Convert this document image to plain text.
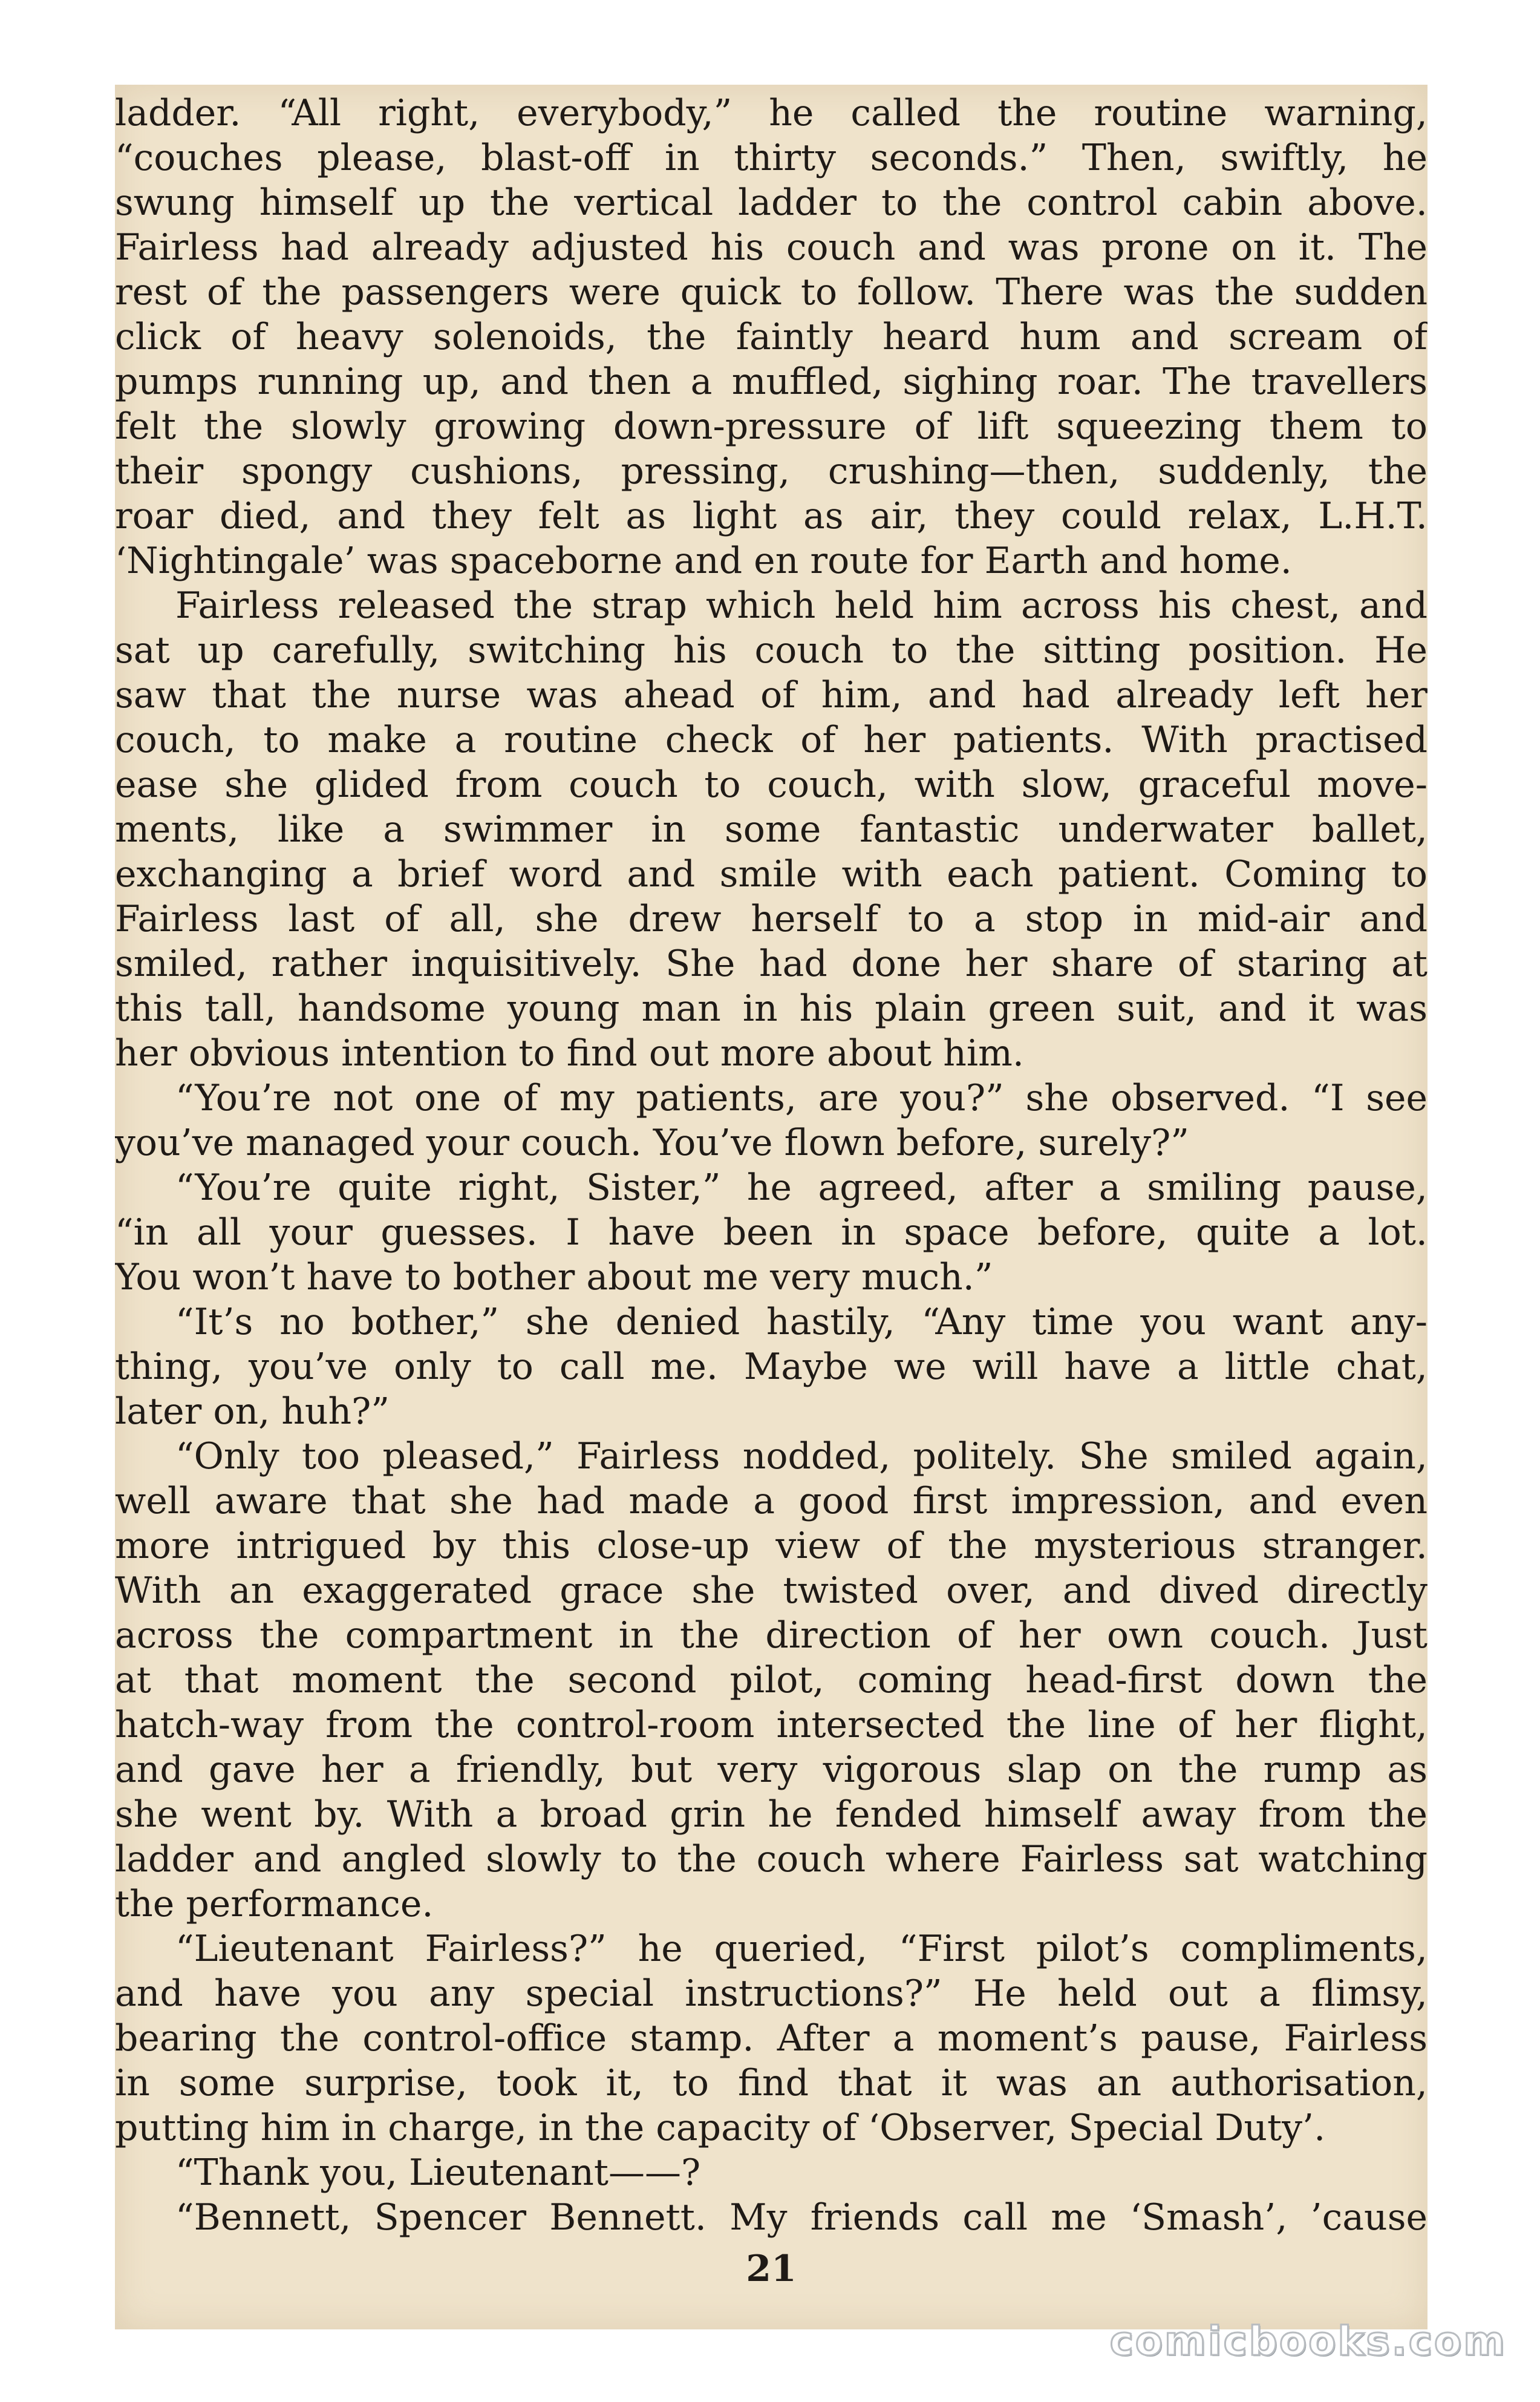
ladder. “All right, everybody,” he called the routine warning,

“couches please, blast-off in thirty seconds.” Then, swiftly, he

swung himself up the vertical ladder to the control cabin above.

Fairless had already adjusted his couch and was prone on it. The

rest of the passengers were quick to follow. There was the sudden

click of heavy solenoids, the faintly heard hum and scream of

pumps running up, and then a muffled, sighing roar. The travellers

felt the slowly growing down-pressure of lift squeezing them to

their spongy cushions, pressing, crushing—then, suddenly, the

roar died, and they felt as light as air, they could relax, L.H.T.

‘Nightingale’ was spaceborne and en route for Earth and home.

Fairless released the strap which held him across his chest, and

sat up carefully, switching his couch to the sitting position. He

saw that the nurse was ahead of him, and had already left her

couch, to make a routine check of her patients. With practised

ease she glided from couch to couch, with slow, graceful move-

ments, like a swimmer in some fantastic underwater ballet,

exchanging a brief word and smile with each patient. Coming to

Fairless last of all, she drew herself to a stop in mid-air and

smiled, rather inquisitively. She had done her share of staring at

this tall, handsome young man in his plain green suit, and it was

her obvious intention to find out more about him.

“You’re not one of my patients, are you?” she observed. “I see

you’ve managed your couch. You’ve flown before, surely?”

“You’re quite right, Sister,” he agreed, after a smiling pause,

“in all your guesses. I have been in space before, quite a lot.

You won’t have to bother about me very much.”

“It’s no bother,” she denied hastily, “Any time you want any-

thing, you’ve only to call me. Maybe we will have a little chat,

later on, huh?”

“Only too pleased,” Fairless nodded, politely. She smiled again,

well aware that she had made a good first impression, and even

more intrigued by this close-up view of the mysterious stranger.

With an exaggerated grace she twisted over, and dived directly

across the compartment in the direction of her own couch. Just

at that moment the second pilot, coming head-first down the

hatch-way from the control-room intersected the line of her flight,

and gave her a friendly, but very vigorous slap on the rump as

she went by. With a broad grin he fended himself away from the

ladder and angled slowly to the couch where Fairless sat watching

the performance.

“Lieutenant Fairless?” he queried, “First pilot’s compliments,

and have you any special instructions?” He held out a flimsy,

bearing the control-office stamp. After a moment’s pause, Fairless

in some surprise, took it, to find that it was an authorisation,

putting him in charge, in the capacity of ‘Observer, Special Duty’.

“Thank you, Lieutenant——?

“Bennett, Spencer Bennett. My friends call me ‘Smash’, ’cause

21
comicbooks.com
